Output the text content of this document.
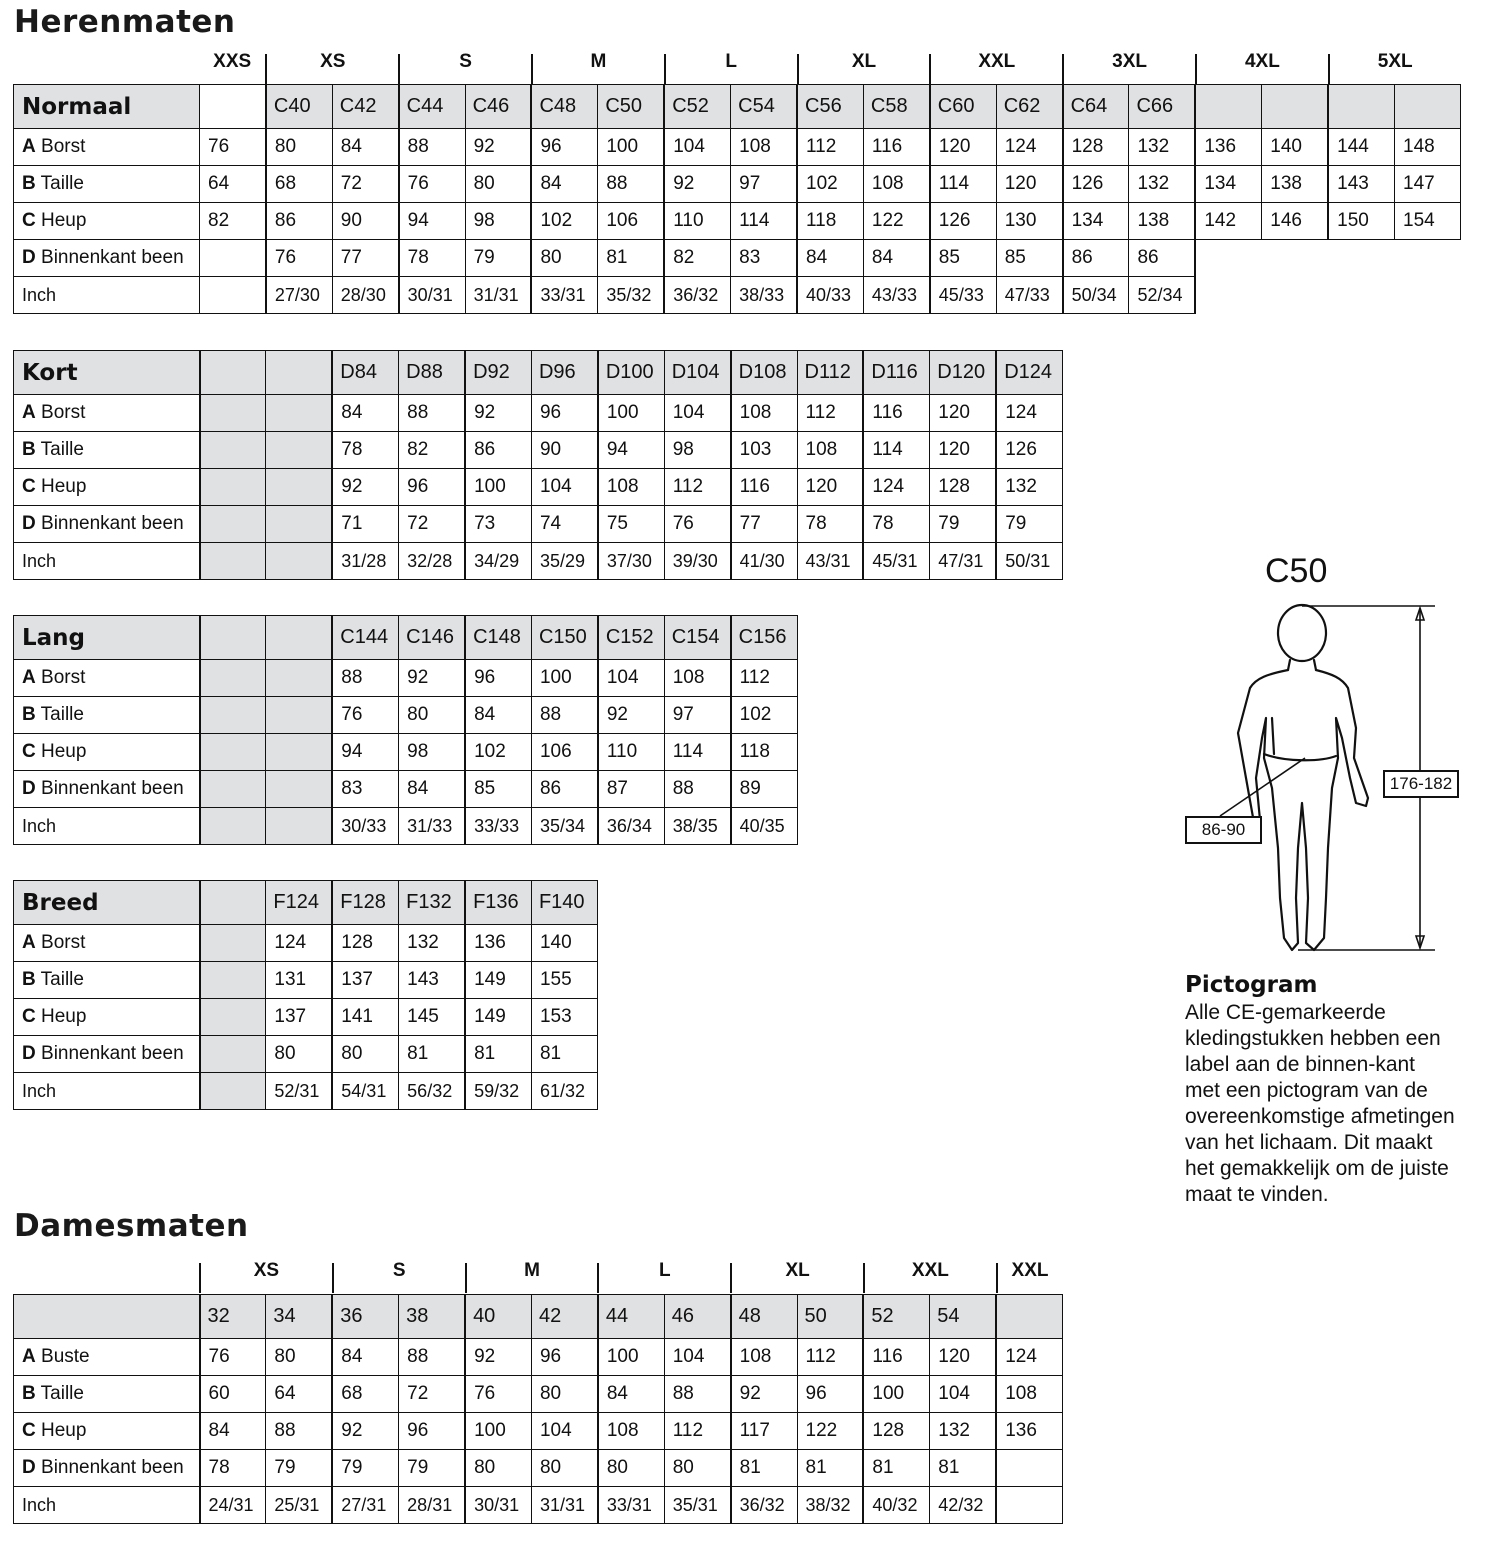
Herenmaten
XXS	XS	S	M	L	XL	XXL	3XL	4XL	5XL
Normaal		C40	C42	C44	C46	C48	C50	C52	C54	C56	C58	C60	C62	C64	C66				
A Borst	76	80	84	88	92	96	100	104	108	112	116	120	124	128	132	136	140	144	148
B Taille	64	68	72	76	80	84	88	92	97	102	108	114	120	126	132	134	138	143	147
C Heup	82	86	90	94	98	102	106	110	114	118	122	126	130	134	138	142	146	150	154
D Binnenkant been		76	77	78	79	80	81	82	83	84	84	85	85	86	86				
Inch		27/30	28/30	30/31	31/31	33/31	35/32	36/32	38/33	40/33	43/33	45/33	47/33	50/34	52/34				
Kort			D84	D88	D92	D96	D100	D104	D108	D112	D116	D120	D124
A Borst			84	88	92	96	100	104	108	112	116	120	124
B Taille			78	82	86	90	94	98	103	108	114	120	126
C Heup			92	96	100	104	108	112	116	120	124	128	132
D Binnenkant been			71	72	73	74	75	76	77	78	78	79	79
Inch			31/28	32/28	34/29	35/29	37/30	39/30	41/30	43/31	45/31	47/31	50/31
Lang			C144	C146	C148	C150	C152	C154	C156
A Borst			88	92	96	100	104	108	112
B Taille			76	80	84	88	92	97	102
C Heup			94	98	102	106	110	114	118
D Binnenkant been			83	84	85	86	87	88	89
Inch			30/33	31/33	33/33	35/34	36/34	38/35	40/35
Breed		F124	F128	F132	F136	F140
A Borst		124	128	132	136	140
B Taille		131	137	143	149	155
C Heup		137	141	145	149	153
D Binnenkant been		80	80	81	81	81
Inch		52/31	54/31	56/32	59/32	61/32
Damesmaten
XS	S	M	L	XL	XXL	XXL
	32	34	36	38	40	42	44	46	48	50	52	54	
A Buste	76	80	84	88	92	96	100	104	108	112	116	120	124
B Taille	60	64	68	72	76	80	84	88	92	96	100	104	108
C Heup	84	88	92	96	100	104	108	112	117	122	128	132	136
D Binnenkant been	78	79	79	79	80	80	80	80	81	81	81	81	
Inch	24/31	25/31	27/31	28/31	30/31	31/31	33/31	35/31	36/32	38/32	40/32	42/32	
C50
176-182
86-90
Pictogram
Alle CE-gemarkeerde kledingstukken hebben een label aan de binnen-kant met een pictogram van de overeenkomstige afmetingen van het lichaam. Dit maakt het gemakkelijk om de juiste maat te vinden.
